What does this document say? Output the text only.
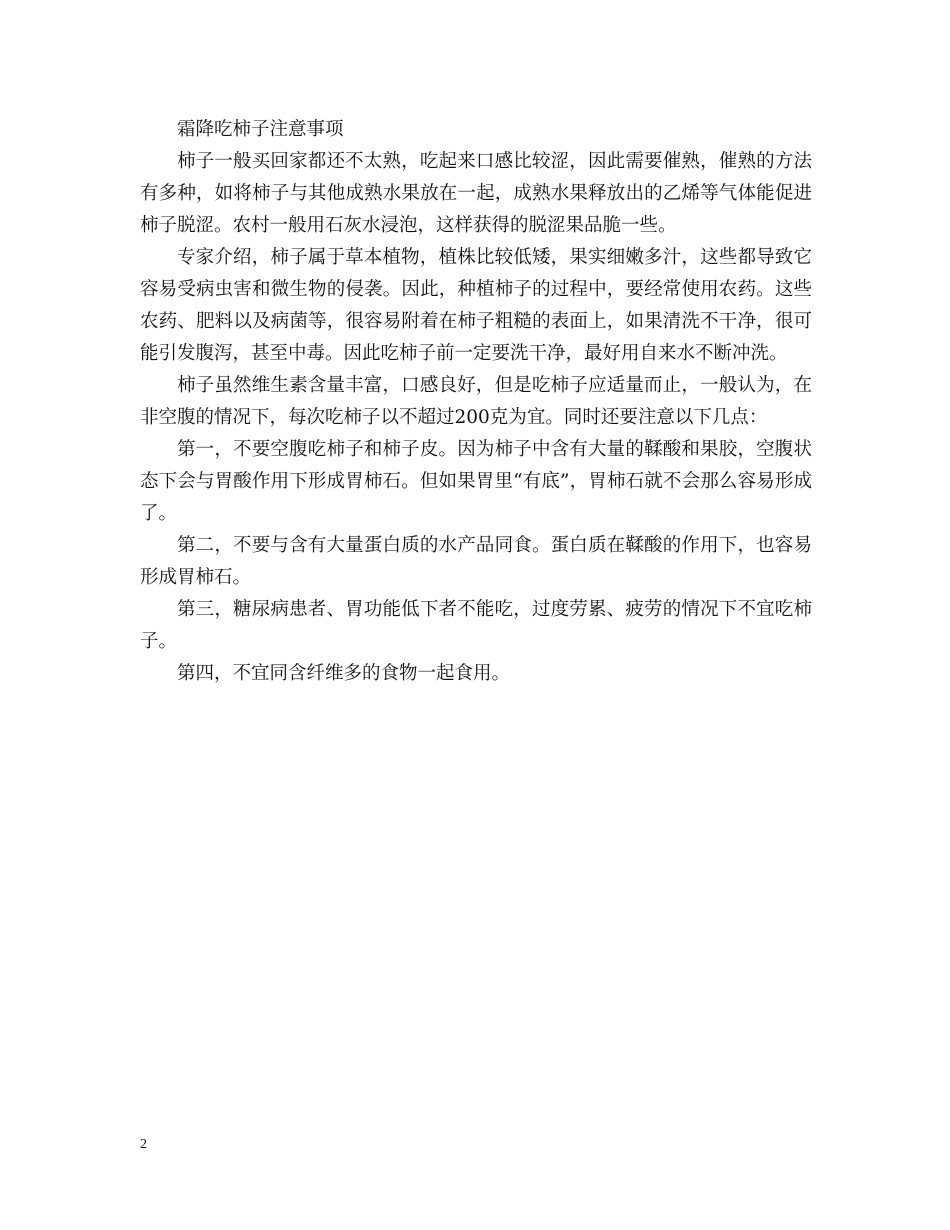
霜降吃柿子注意事项

柿子一般买回家都还不太熟，吃起来口感比较涩，因此需要催熟，催熟的方法有多种，如将柿子与其他成熟水果放在一起，成熟水果释放出的乙烯等气体能促进柿子脱涩。农村一般用石灰水浸泡，这样获得的脱涩果品脆一些。

专家介绍，柿子属于草本植物，植株比较低矮，果实细嫩多汁，这些都导致它容易受病虫害和微生物的侵袭。因此，种植柿子的过程中，要经常使用农药。这些农药、肥料以及病菌等，很容易附着在柿子粗糙的表面上，如果清洗不干净，很可能引发腹泻，甚至中毒。因此吃柿子前一定要洗干净，最好用自来水不断冲洗。

柿子虽然维生素含量丰富，口感良好，但是吃柿子应适量而止，一般认为，在非空腹的情况下，每次吃柿子以不超过200克为宜。同时还要注意以下几点：

第一，不要空腹吃柿子和柿子皮。因为柿子中含有大量的鞣酸和果胶，空腹状态下会与胃酸作用下形成胃柿石。但如果胃里“有底”，胃柿石就不会那么容易形成了。

第二，不要与含有大量蛋白质的水产品同食。蛋白质在鞣酸的作用下，也容易形成胃柿石。

第三，糖尿病患者、胃功能低下者不能吃，过度劳累、疲劳的情况下不宜吃柿子。

第四，不宜同含纤维多的食物一起食用。

2
